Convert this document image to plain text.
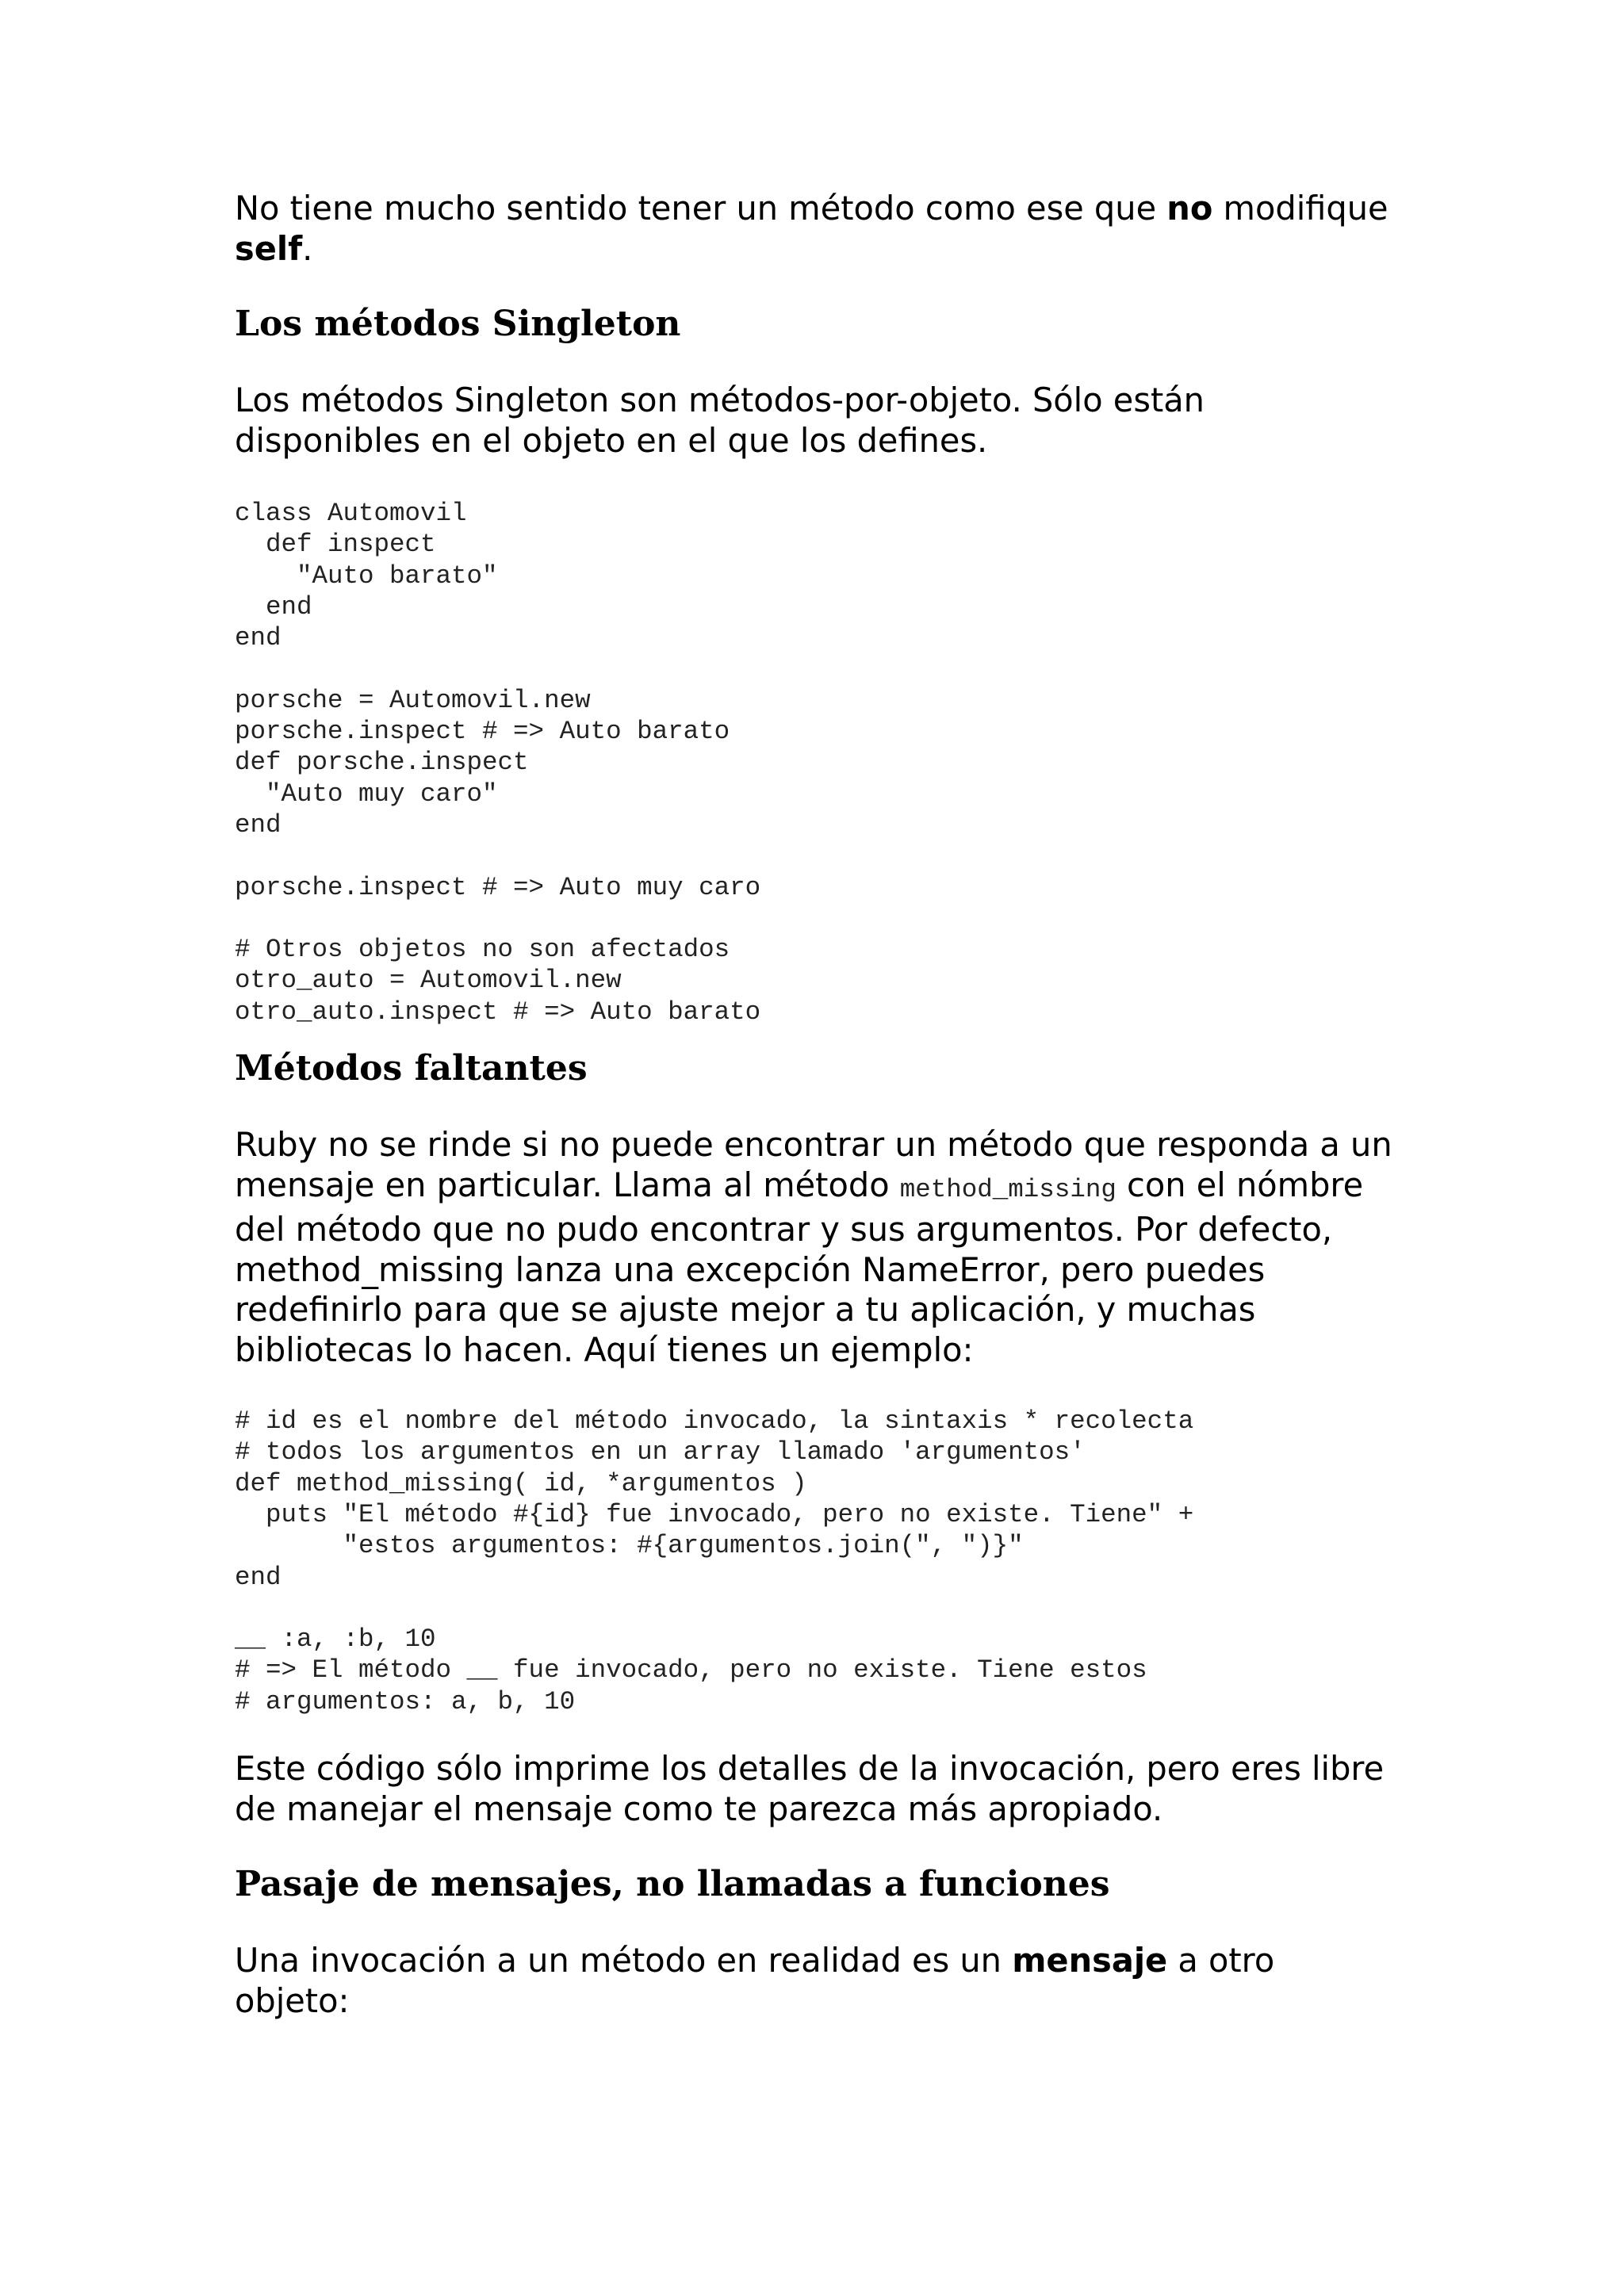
No tiene mucho sentido tener un método como ese que no modifique
self.

Los métodos Singleton

Los métodos Singleton son métodos-por-objeto. Sólo están
disponibles en el objeto en el que los defines.

class Automovil
def inspect
"Auto barato"
end
end

porsche = Automovil.new
porsche.inspect # => Auto barato
def porsche.inspect
"Auto muy caro"
end

porsche.inspect # => Auto muy caro

# Otros objetos no son afectados
otro_auto = Automovil.new
otro_auto.inspect # => Auto barato
Métodos faltantes

Ruby no se rinde si no puede encontrar un método que responda a un
mensaje en particular. Llama al método method_missing con el nómbre
del método que no pudo encontrar y sus argumentos. Por defecto,
method_missing lanza una excepción NameError, pero puedes
redefinirlo para que se ajuste mejor a tu aplicación, y muchas
bibliotecas lo hacen. Aquí tienes un ejemplo:

# id es el nombre del método invocado, la sintaxis * recolecta
# todos los argumentos en un array llamado 'argumentos'
def method_missing( id, *argumentos )
puts "El método #{id} fue invocado, pero no existe. Tiene" +
"estos argumentos: #{argumentos.join(", ")}"
end

__ :a, :b, 10
# => El método __ fue invocado, pero no existe. Tiene estos
# argumentos: a, b, 10

Este código sólo imprime los detalles de la invocación, pero eres libre
de manejar el mensaje como te parezca más apropiado.

Pasaje de mensajes, no llamadas a funciones

Una invocación a un método en realidad es un mensaje a otro
objeto:
